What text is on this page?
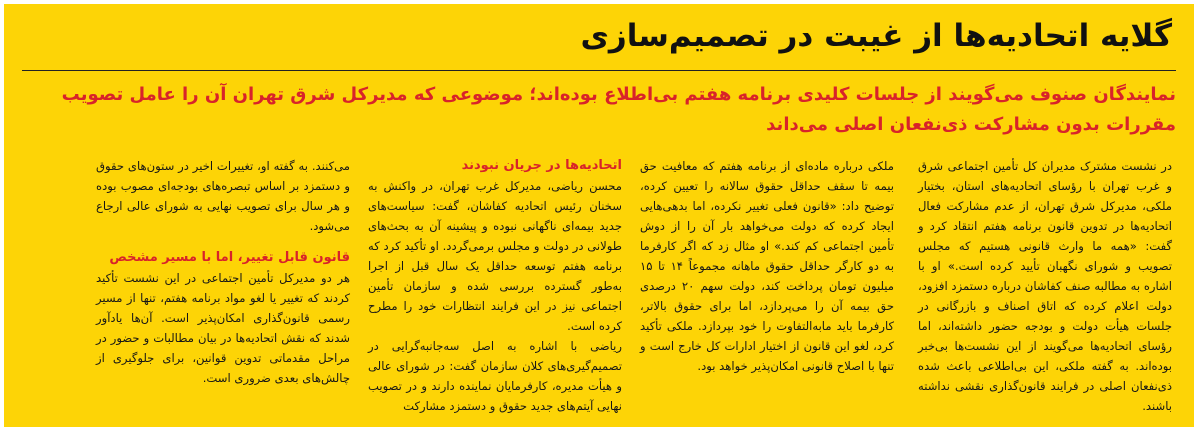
گلایه اتحادیه‌ها از غیبت در تصمیم‌سازی

نمایندگان صنوف می‌گویند از جلسات کلیدی برنامه هفتم بی‌اطلاع بوده‌اند؛ موضوعی که مدیرکل شرق تهران آن را عامل تصویب مقررات بدون مشارکت ذی‌نفعان اصلی می‌داند

در نشست مشترک مدیران کل تأمین اجتماعی شرق و غرب تهران با رؤسای اتحادیه‌های استان، بختیار ملکی، مدیرکل شرق تهران، از عدم مشارکت فعال اتحادیه‌ها در تدوین قانون برنامه هفتم انتقاد کرد و گفت: «همه ما وارث قانونی هستیم که مجلس تصویب و شورای نگهبان تأیید کرده است.» او با اشاره به مطالبه صنف کفاشان درباره دستمزد افزود، دولت اعلام کرده که اتاق اصناف و بازرگانی در جلسات هیأت دولت و بودجه حضور داشته‌اند، اما رؤسای اتحادیه‌ها می‌گویند از این نشست‌ها بی‌خبر بوده‌اند. به گفته ملکی، این بی‌اطلاعی باعث شده ذی‌نفعان اصلی در فرایند قانون‌گذاری نقشی نداشته باشند.

ملکی درباره ماده‌ای از برنامه هفتم که معافیت حق بیمه تا سقف حداقل حقوق سالانه را تعیین کرده، توضیح داد: «قانون فعلی تغییر نکرده، اما بدهی‌هایی ایجاد کرده که دولت می‌خواهد بار آن را از دوش تأمین اجتماعی کم کند.» او مثال زد که اگر کارفرما به دو کارگر حداقل حقوق ماهانه مجموعاً ۱۴ تا ۱۵ میلیون تومان پرداخت کند، دولت سهم ۲۰ درصدی حق بیمه آن را می‌پردازد، اما برای حقوق بالاتر، کارفرما باید مابه‌التفاوت را خود بپردازد. ملکی تأکید کرد، لغو این قانون از اختیار ادارات کل خارج است و تنها با اصلاح قانونی امکان‌پذیر خواهد بود.

اتحادیه‌ها در جریان نبودند

محسن ریاضی، مدیرکل غرب تهران، در واکنش به سخنان رئیس اتحادیه کفاشان، گفت: سیاست‌های جدید بیمه‌ای ناگهانی نبوده و پیشینه آن به بحث‌های طولانی در دولت و مجلس برمی‌گردد. او تأکید کرد که برنامه هفتم توسعه حداقل یک سال قبل از اجرا به‌طور گسترده بررسی شده و سازمان تأمین اجتماعی نیز در این فرایند انتظارات خود را مطرح کرده است.

ریاضی با اشاره به اصل سه‌جانبه‌گرایی در تصمیم‌گیری‌های کلان سازمان گفت: در شورای عالی و هیأت مدیره، کارفرمایان نماینده دارند و در تصویب نهایی آیتم‌های جدید حقوق و دستمزد مشارکت

می‌کنند. به گفته او، تغییرات اخیر در ستون‌های حقوق و دستمزد بر اساس تبصره‌های بودجه‌ای مصوب بوده و هر سال برای تصویب نهایی به شورای عالی ارجاع می‌شود.

قانون قابل تغییر، اما با مسیر مشخص

هر دو مدیرکل تأمین اجتماعی در این نشست تأکید کردند که تغییر یا لغو مواد برنامه هفتم، تنها از مسیر رسمی قانون‌گذاری امکان‌پذیر است. آن‌ها یادآور شدند که نقش اتحادیه‌ها در بیان مطالبات و حضور در مراحل مقدماتی تدوین قوانین، برای جلوگیری از چالش‌های بعدی ضروری است.
